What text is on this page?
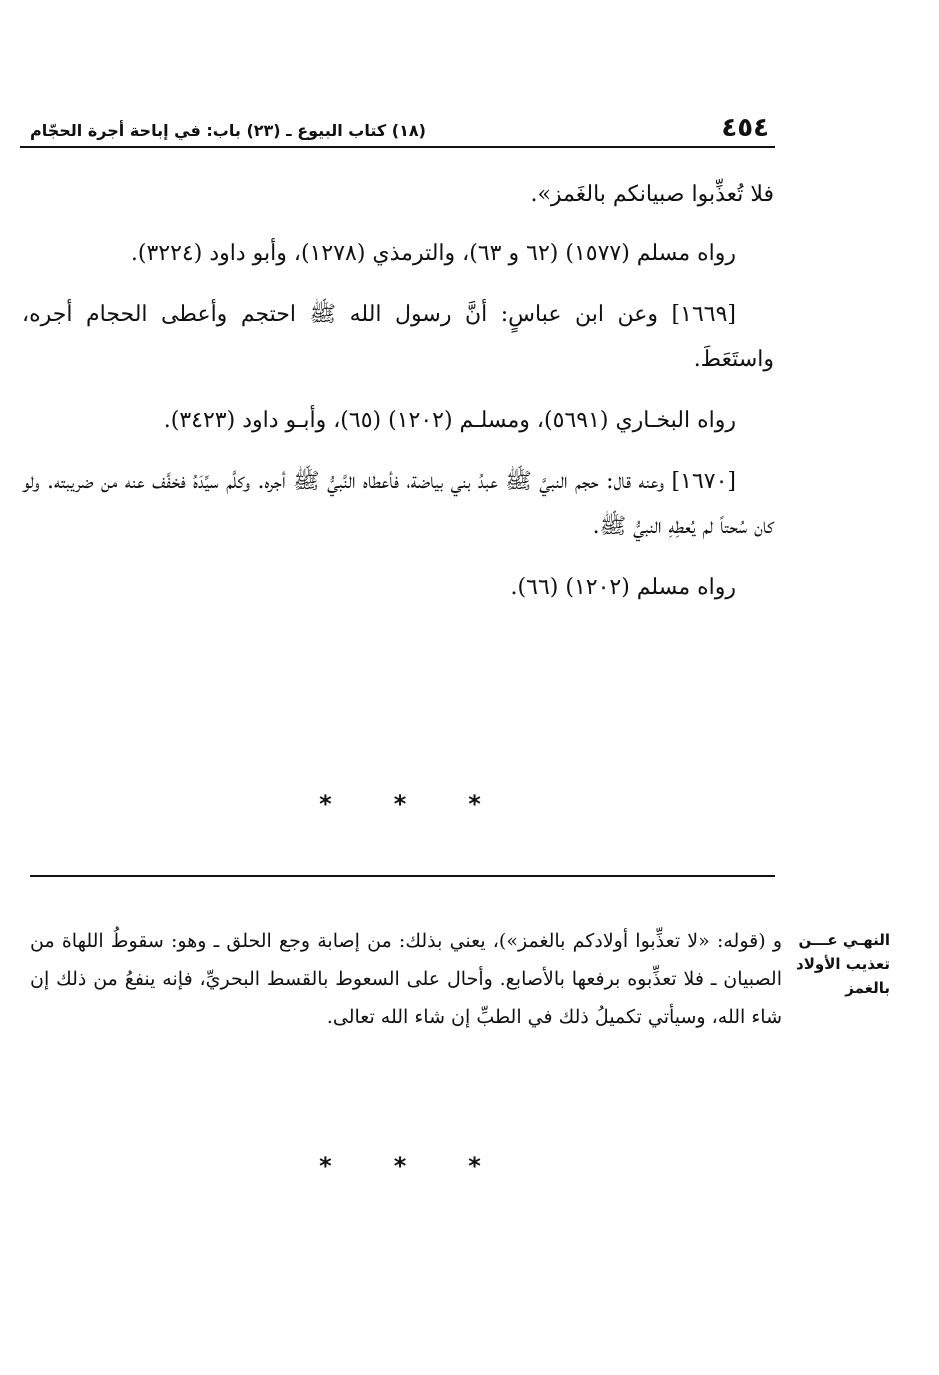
٤٥٤
(١٨) كتاب البيوع ـ (٢٣) باب: في إباحة أجرة الحجّام

فلا تُعذِّبوا صبيانكم بالغَمز».

رواه مسلم (١٥٧٧) (٦٢ و ٦٣)، والترمذي (١٢٧٨)، وأبو داود (٣٢٢٤).

[١٦٦٩] وعن ابن عباسٍ: أنَّ رسول الله ﷺ احتجم وأعطى الحجام أجره، واستَعَطَ.

رواه البخـاري (٥٦٩١)، ومسلـم (١٢٠٢) (٦٥)، وأبـو داود (٣٤٢٣).

[١٦٧٠] وعنه قال: حجم النبيَّ ﷺ عبدُ بني بياضة، فأعطاه النَّبيُّ ﷺ أجره. وكلَّم سيِّدَهُ فخفَّف عنه من ضريبته. ولو كان سُحتاً لم يُعطِهِ النبيُّ ﷺ.

رواه مسلم (١٢٠٢) (٦٦).

*	*	*
النهـي عـــن تعذيب الأولاد بالغمز
و (قوله: «لا تعذِّبوا أولادكم بالغمز»)، يعني بذلك: من إصابة وجع الحلق ـ وهو: سقوطُ اللهاة من الصبيان ـ فلا تعذِّبوه برفعها بالأصابع. وأحال على السعوط بالقسط البحريِّ، فإنه ينفعُ من ذلك إن شاء الله، وسيأتي تكميلُ ذلك في الطبِّ إن شاء الله تعالى.
*	*	*
